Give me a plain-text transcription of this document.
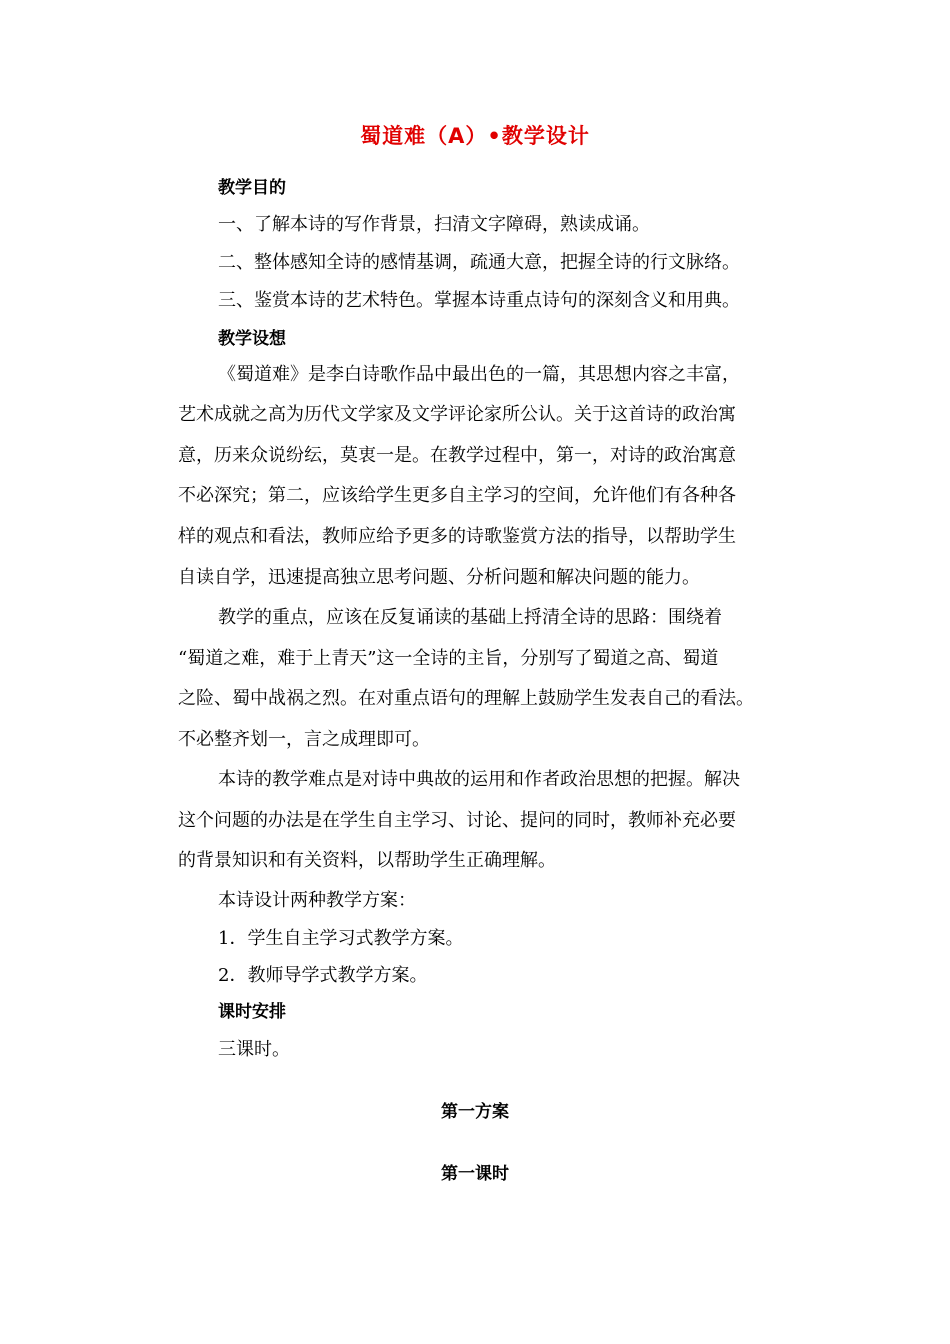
蜀道难（A）•教学设计
教学目的
一、了解本诗的写作背景，扫清文字障碍，熟读成诵。
二、整体感知全诗的感情基调，疏通大意，把握全诗的行文脉络。
三、鉴赏本诗的艺术特色。掌握本诗重点诗句的深刻含义和用典。
教学设想
《蜀道难》是李白诗歌作品中最出色的一篇，其思想内容之丰富，
艺术成就之高为历代文学家及文学评论家所公认。关于这首诗的政治寓
意，历来众说纷纭，莫衷一是。在教学过程中，第一，对诗的政治寓意
不必深究；第二，应该给学生更多自主学习的空间，允许他们有各种各
样的观点和看法，教师应给予更多的诗歌鉴赏方法的指导，以帮助学生
自读自学，迅速提高独立思考问题、分析问题和解决问题的能力。
教学的重点，应该在反复诵读的基础上捋清全诗的思路：围绕着
“蜀道之难，难于上青天”这一全诗的主旨，分别写了蜀道之高、蜀道
之险、蜀中战祸之烈。在对重点语句的理解上鼓励学生发表自己的看法。
不必整齐划一，言之成理即可。
本诗的教学难点是对诗中典故的运用和作者政治思想的把握。解决
这个问题的办法是在学生自主学习、讨论、提问的同时，教师补充必要
的背景知识和有关资料，以帮助学生正确理解。
本诗设计两种教学方案：
1．学生自主学习式教学方案。
2．教师导学式教学方案。
课时安排
三课时。
第一方案
第一课时
